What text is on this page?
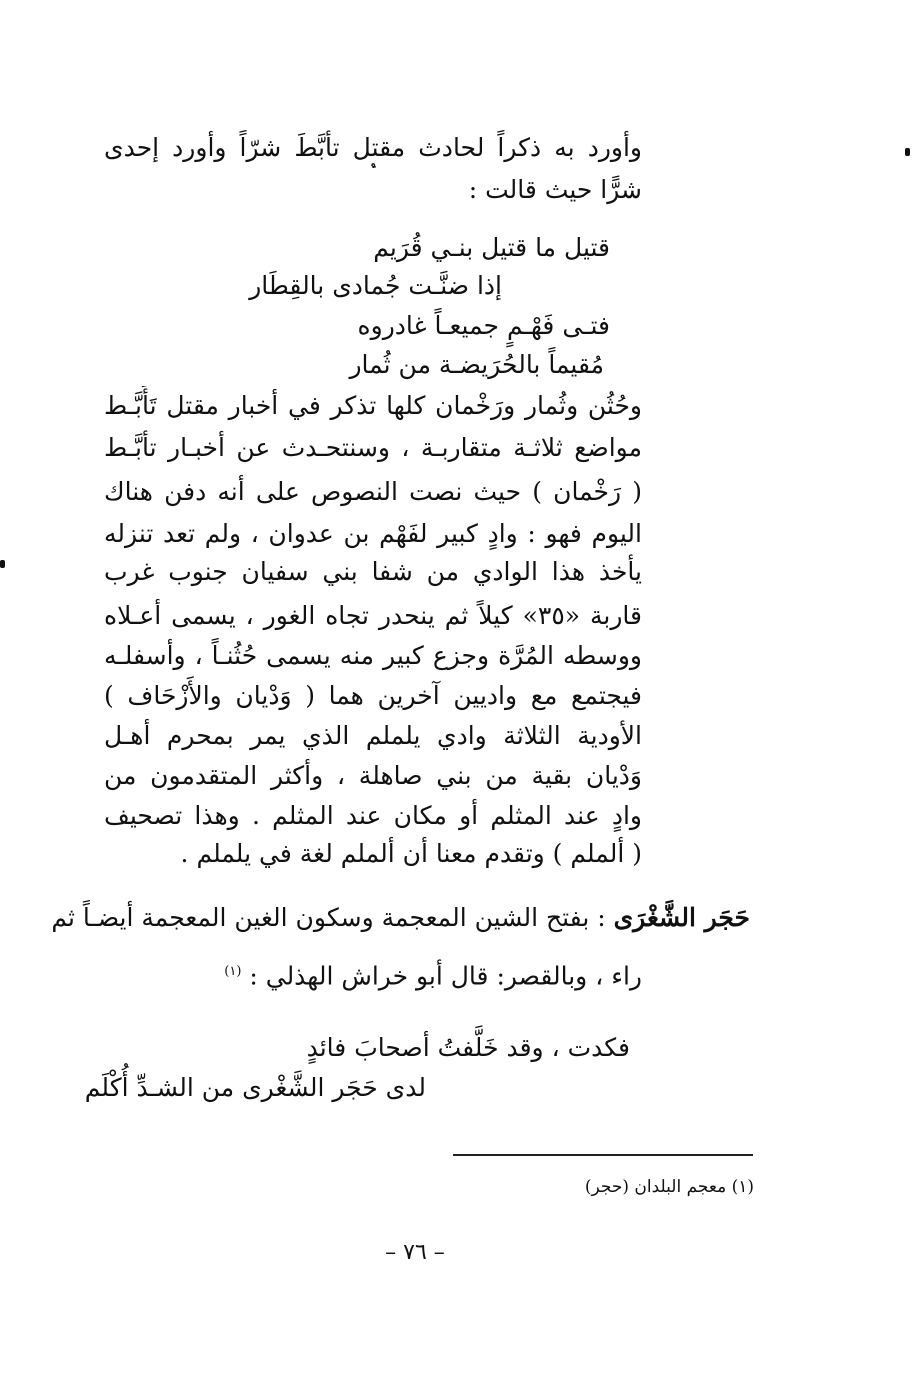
وأورد به ذكراً لحادث مقتل تأبَّطَ شرّاً وأورد إحدى
شرًّا حيث قالت :
قتيل ما قتيل بنـي قُرَيم
إذا ضنَّـت جُمادى بالقِطَار
فتـى فَهْـمٍ جميعـاً غادروه
مُقيماً بالحُرَيضـة من ثُمار
وحُثُن وثُمار ورَخْمان كلها تذكر في أخبار مقتل تَأَبَّـط
مواضع ثلاثـة متقاربـة ، وسنتحـدث عن أخبـار تأبَّـط
( رَخْمان ) حيث نصت النصوص على أنه دفن هناك
اليوم فهو : وادٍ كبير لفَهْم بن عدوان ، ولم تعد تنزله
يأخذ هذا الوادي من شفا بني سفيان جنوب غرب
قاربة «٣٥» كيلاً ثم ينحدر تجاه الغور ، يسمى أعـلاه
ووسطه المُرَّة وجزع كبير منه يسمى حُثُنـاً ، وأسفلـه
فيجتمع مع واديين آخرين هما ( وَدْيان والأَزْحَاف )
الأودية الثلاثة وادي يلملم الذي يمر بمحرم أهـل
وَدْيان بقية من بني صاهلة ، وأكثر المتقدمون من
وادٍ عند المثلم أو مكان عند المثلم . وهذا تصحيف
( ألملم ) وتقدم معنا أن ألملم لغة في يلملم .
حَجَر الشَّغْرَى : بفتح الشين المعجمة وسكون الغين المعجمة أيضـاً ثم
راء ، وبالقصر: قال أبو خراش الهذلي : $^{(١)}$
فكدت ، وقد خَلَّفتُ أصحابَ فائدٍ
لدى حَجَر الشَّغْرى من الشـدِّ أُكْلَم
(١) معجم البلدان (حجر)
– ٧٦ –
